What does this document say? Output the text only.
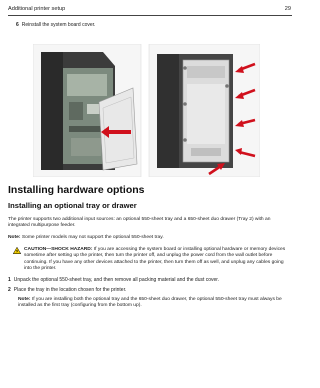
Additional printer setup	29
6 Reinstall the system board cover.
Installing hardware options
Installing an optional tray or drawer
The printer supports two additional input sources: an optional 550-sheet tray and a 650-sheet duo drawer (Tray 2) with an integrated multipurpose feeder.
Note: Some printer models may not support the optional 550-sheet tray.
CAUTION—SHOCK HAZARD: If you are accessing the system board or installing optional hardware or memory devices sometime after setting up the printer, then turn the printer off, and unplug the power cord from the wall outlet before continuing. If you have any other devices attached to the printer, then turn them off as well, and unplug any cables going into the printer.
1 Unpack the optional 550-sheet tray, and then remove all packing material and the dust cover.
2 Place the tray in the location chosen for the printer.
Note: If you are installing both the optional tray and the 650-sheet duo drawer, the optional 550-sheet tray must always be installed as the first tray (configuring from the bottom up).
